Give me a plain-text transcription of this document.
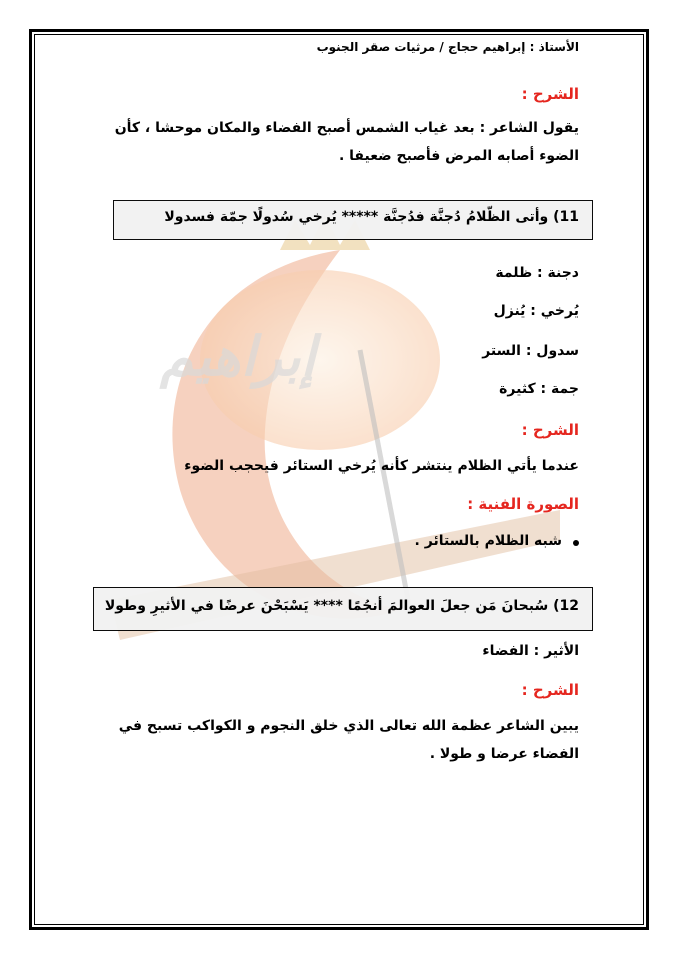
إبراهيم
الأستاذ : إبراهيم حجاج / مرثيات صقر الجنوب
الشرح :
يقول الشاعر : بعد غياب الشمس أصبح الفضاء والمكان موحشا ، كأن
الضوء أصابه المرض فأصبح ضعيفا .
11) وأتى الظّلامُ دُجنَّة فدُجنَّة ***** يُرخي سُدولًا جمّة فسدولا
دجنة : ظلمة
يُرخي : يُنزل
سدول : الستر
جمة : كثيرة
الشرح :
عندما يأتي الظلام ينتشر كأنه يُرخي الستائر فيحجب الضوء
الصورة الفنية :
شبه الظلام بالستائر .
12) سُبحانَ مَن جعلَ العوالمَ أنجُمًا **** يَسْبَحْنَ عرضًا في الأثيرِ وطولا
الأثير : الفضاء
الشرح :
يبين الشاعر عظمة الله تعالى الذي خلق النجوم و الكواكب تسبح في
الفضاء عرضا و طولا .
